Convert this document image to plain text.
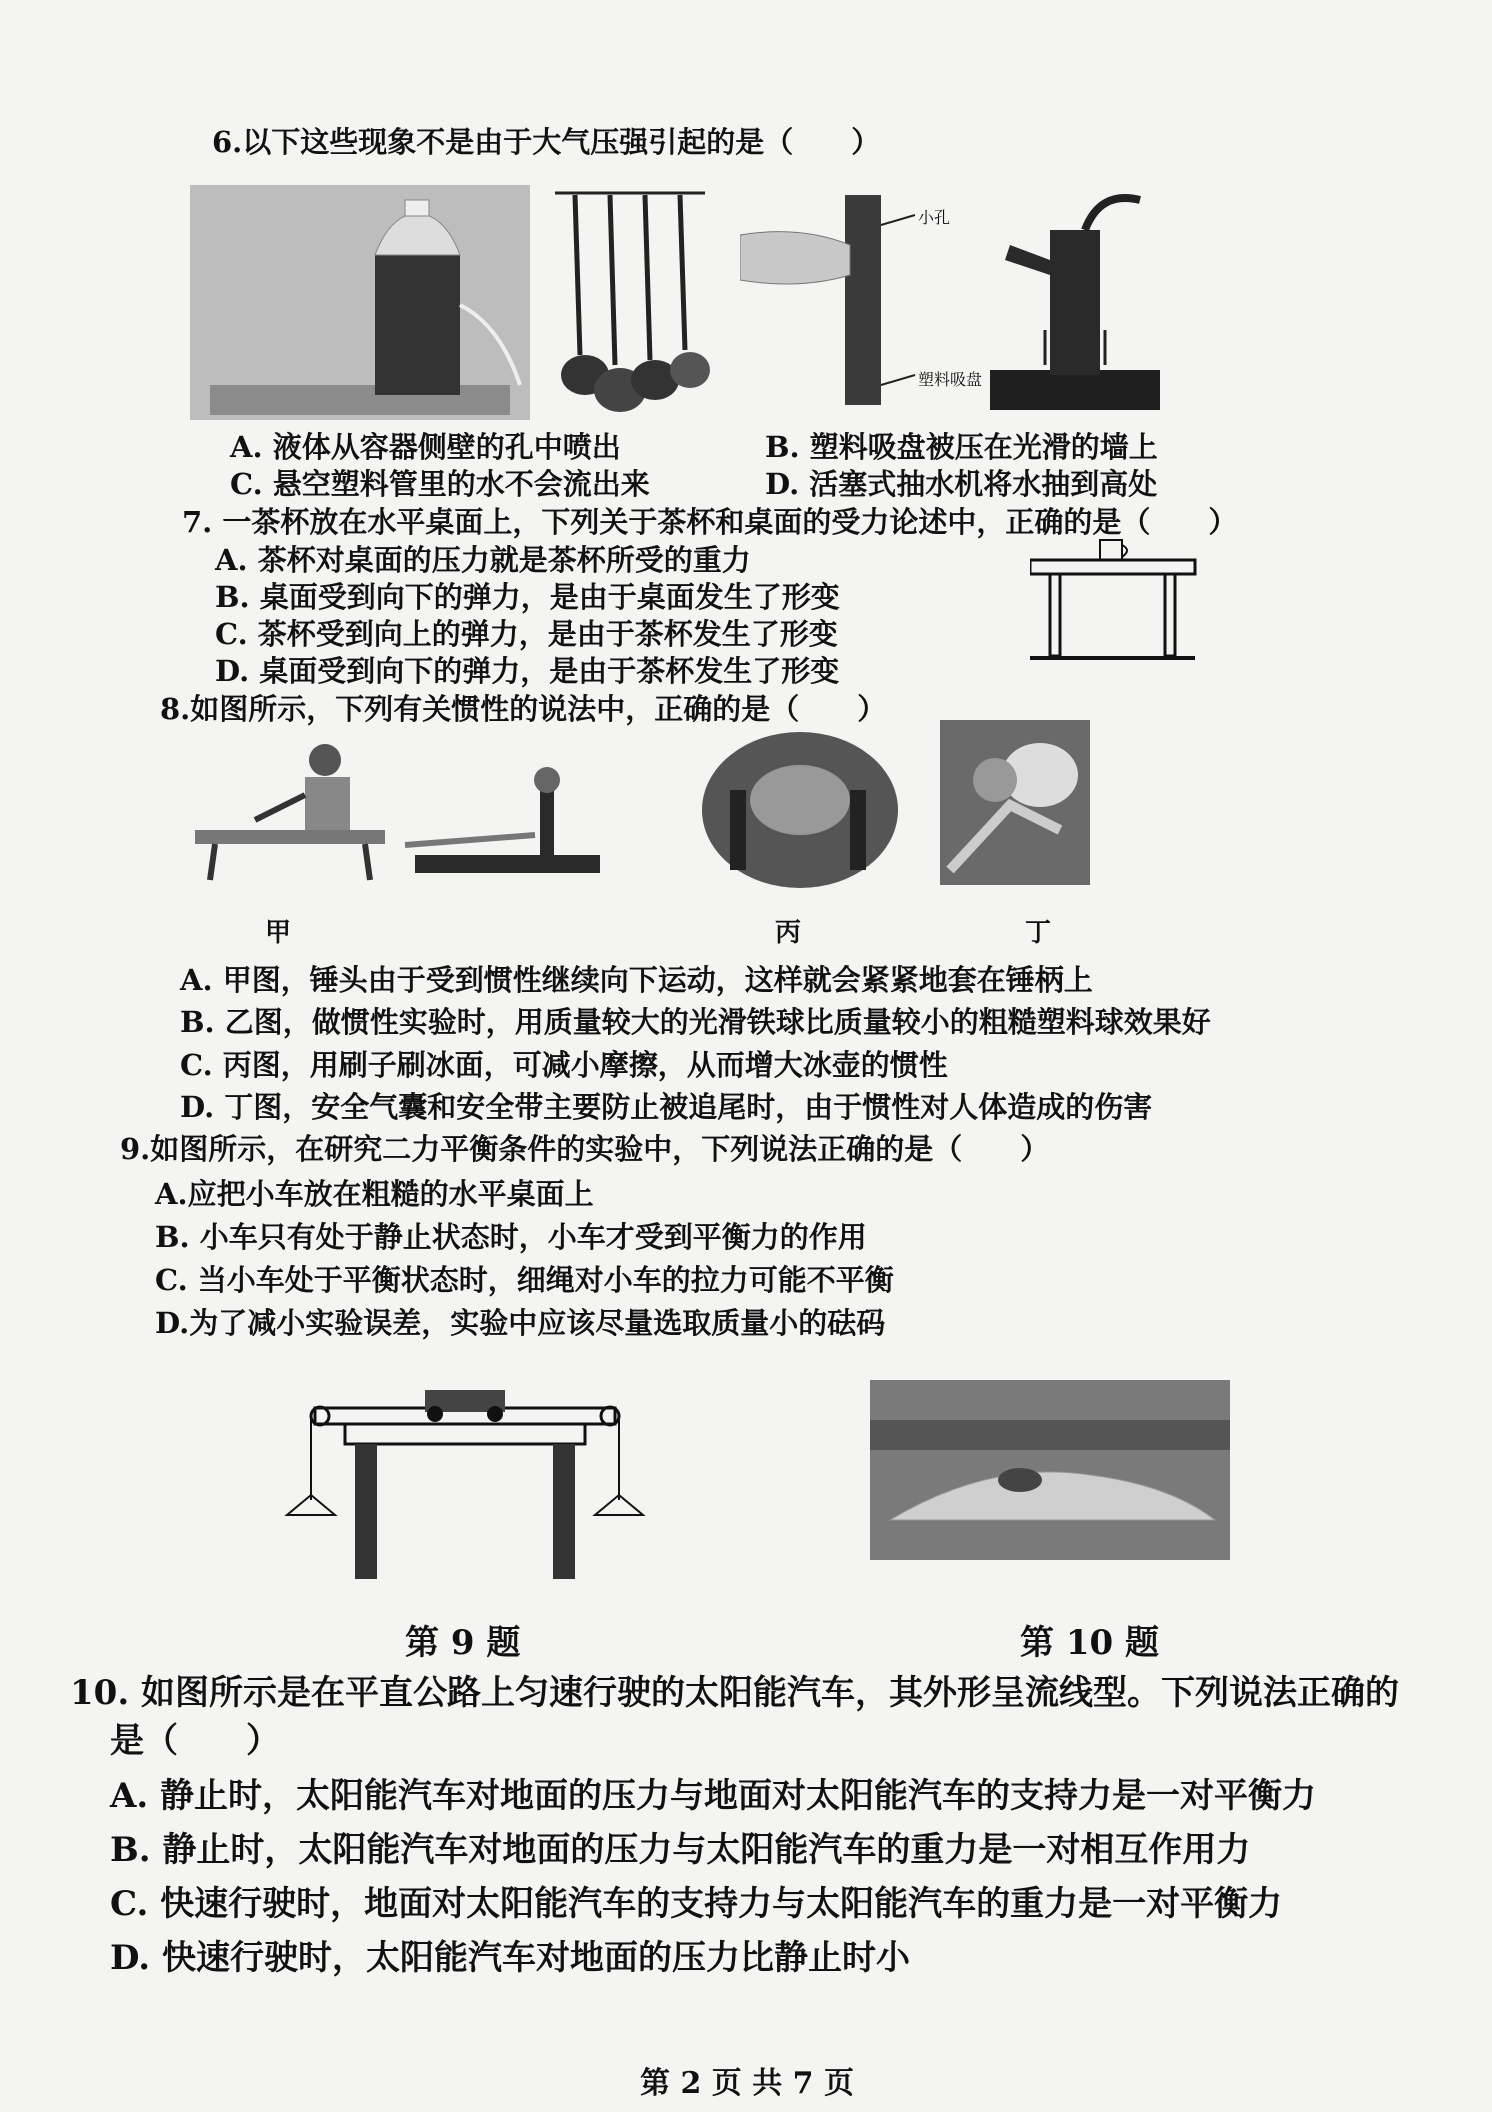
6.以下这些现象不是由于大气压强引起的是（　　）
小孔
塑料吸盘
A. 液体从容器侧壁的孔中喷出	B. 塑料吸盘被压在光滑的墙上
C. 悬空塑料管里的水不会流出来	D. 活塞式抽水机将水抽到高处
7. 一茶杯放在水平桌面上，下列关于茶杯和桌面的受力论述中，正确的是（　　）
A. 茶杯对桌面的压力就是茶杯所受的重力
B. 桌面受到向下的弹力，是由于桌面发生了形变
C. 茶杯受到向上的弹力，是由于茶杯发生了形变
D. 桌面受到向下的弹力，是由于茶杯发生了形变
8.如图所示，下列有关惯性的说法中，正确的是（　　）
甲	丙	丁
A. 甲图，锤头由于受到惯性继续向下运动，这样就会紧紧地套在锤柄上
B. 乙图，做惯性实验时，用质量较大的光滑铁球比质量较小的粗糙塑料球效果好
C. 丙图，用刷子刷冰面，可减小摩擦，从而增大冰壶的惯性
D. 丁图，安全气囊和安全带主要防止被追尾时，由于惯性对人体造成的伤害
9.如图所示，在研究二力平衡条件的实验中，下列说法正确的是（　　）
A.应把小车放在粗糙的水平桌面上
B. 小车只有处于静止状态时，小车才受到平衡力的作用
C. 当小车处于平衡状态时，细绳对小车的拉力可能不平衡
D.为了减小实验误差，实验中应该尽量选取质量小的砝码
第 9 题	第 10 题
10. 如图所示是在平直公路上匀速行驶的太阳能汽车，其外形呈流线型。下列说法正确的
是（　　）
A. 静止时，太阳能汽车对地面的压力与地面对太阳能汽车的支持力是一对平衡力
B. 静止时，太阳能汽车对地面的压力与太阳能汽车的重力是一对相互作用力
C. 快速行驶时，地面对太阳能汽车的支持力与太阳能汽车的重力是一对平衡力
D. 快速行驶时，太阳能汽车对地面的压力比静止时小
第 2 页 共 7 页
